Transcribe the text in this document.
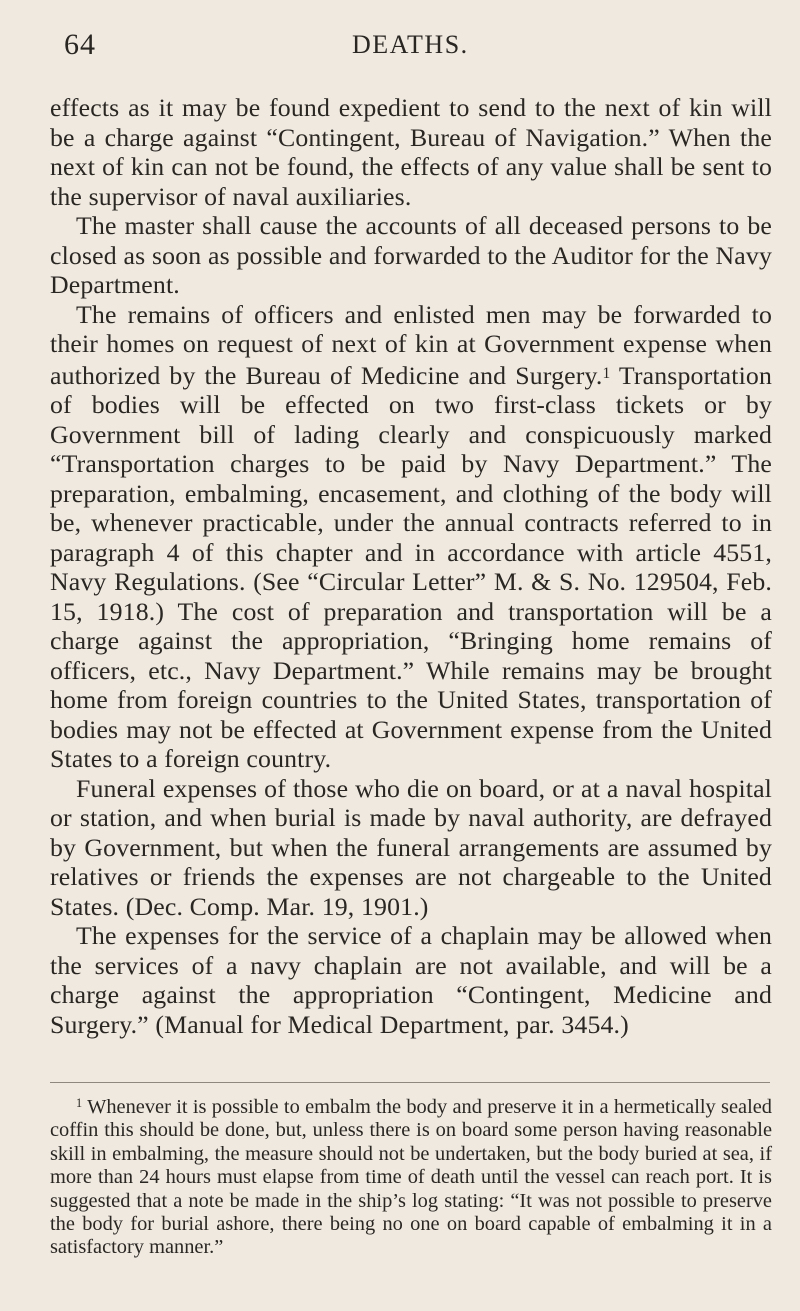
64	DEATHS.

effects as it may be found expedient to send to the next of kin will be a charge against “Contingent, Bureau of Navigation.” When the next of kin can not be found, the effects of any value shall be sent to the supervisor of naval auxiliaries.

The master shall cause the accounts of all deceased persons to be closed as soon as possible and forwarded to the Auditor for the Navy Department.

The remains of officers and enlisted men may be forwarded to their homes on request of next of kin at Government expense when authorized by the Bureau of Medicine and Surgery.$^1$ Transportation of bodies will be effected on two first-class tickets or by Government bill of lading clearly and conspicuously marked “Transportation charges to be paid by Navy Department.” The preparation, embalming, encasement, and clothing of the body will be, whenever practicable, under the annual contracts referred to in paragraph 4 of this chapter and in accordance with article 4551, Navy Regulations. (See “Circular Letter” M. & S. No. 129504, Feb. 15, 1918.) The cost of preparation and transportation will be a charge against the appropriation, “Bringing home remains of officers, etc., Navy Department.” While remains may be brought home from foreign countries to the United States, transportation of bodies may not be effected at Government expense from the United States to a foreign country.

Funeral expenses of those who die on board, or at a naval hospital or station, and when burial is made by naval authority, are defrayed by Government, but when the funeral arrangements are assumed by relatives or friends the expenses are not chargeable to the United States. (Dec. Comp. Mar. 19, 1901.)

The expenses for the service of a chaplain may be allowed when the services of a navy chaplain are not available, and will be a charge against the appropriation “Contingent, Medicine and Surgery.” (Manual for Medical Department, par. 3454.)

$^1$ Whenever it is possible to embalm the body and preserve it in a hermetically sealed coffin this should be done, but, unless there is on board some person having reasonable skill in embalming, the measure should not be undertaken, but the body buried at sea, if more than 24 hours must elapse from time of death until the vessel can reach port. It is suggested that a note be made in the ship’s log stating: “It was not possible to preserve the body for burial ashore, there being no one on board capable of embalming it in a satisfactory manner.”
